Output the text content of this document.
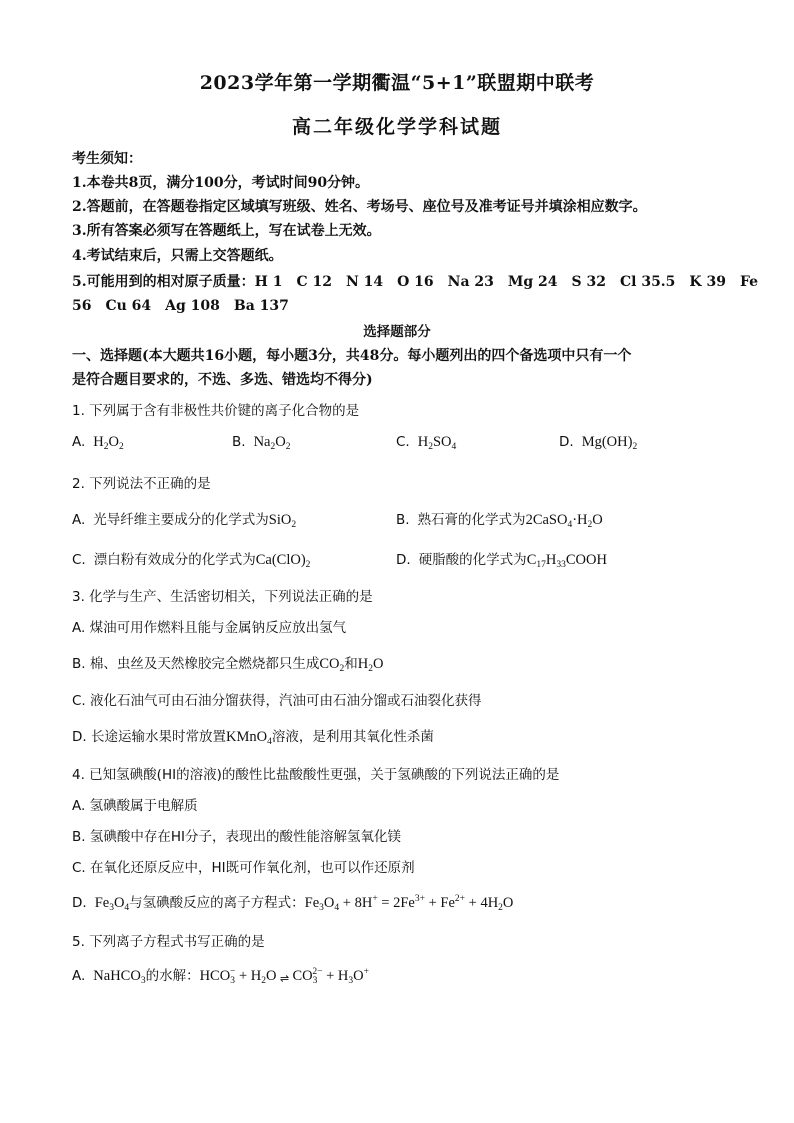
2023学年第一学期衢温“5+1”联盟期中联考
高二年级化学学科试题
考生须知：
1.本卷共8页，满分100分，考试时间90分钟。
2.答题前，在答题卷指定区域填写班级、姓名、考场号、座位号及准考证号并填涂相应数字。
3.所有答案必须写在答题纸上，写在试卷上无效。
4.考试结束后，只需上交答题纸。
5.可能用到的相对原子质量：H 1　C 12　N 14　O 16　Na 23　Mg 24　S 32　Cl 35.5　K 39　Fe
56　Cu 64　Ag 108　Ba 137
选择题部分
一、选择题(本大题共16小题，每小题3分，共48分。每小题列出的四个备选项中只有一个
是符合题目要求的，不选、多选、错选均不得分)
1. 下列属于含有非极性共价键的离子化合物的是
A. $H_2O_2$	B. $Na_2O_2$	C. $H_2SO_4$	D. $Mg(OH)_2$
2. 下列说法不正确的是
A. 光导纤维主要成分的化学式为SiO$_2$	B. 熟石膏的化学式为$2CaSO_4\cdot H_2O$
C. 漂白粉有效成分的化学式为$Ca(ClO)_2$	D. 硬脂酸的化学式为$C_{17}H_{33}COOH$
3. 化学与生产、生活密切相关，下列说法正确的是
A. 煤油可用作燃料且能与金属钠反应放出氢气
B. 棉、虫丝及天然橡胶完全燃烧都只生成$CO_2$和$H_2O$
C. 液化石油气可由石油分馏获得，汽油可由石油分馏或石油裂化获得
D. 长途运输水果时常放置KMnO$_4$溶液，是利用其氧化性杀菌
4. 已知氢碘酸(HI的溶液)的酸性比盐酸酸性更强，关于氢碘酸的下列说法正确的是
A. 氢碘酸属于电解质
B. 氢碘酸中存在HI分子，表现出的酸性能溶解氢氧化镁
C. 在氧化还原反应中，HI既可作氧化剂，也可以作还原剂
D. $Fe_3O_4$与氢碘酸反应的离子方程式：$Fe_3O_4 + 8H^+ = 2Fe^{3+} + Fe^{2+} + 4H_2O$
5. 下列离子方程式书写正确的是
A. NaHCO$_3$的水解：$HCO_3^- + H_2O$ ⇌ $CO_3^{2-} + H_3O^+$
